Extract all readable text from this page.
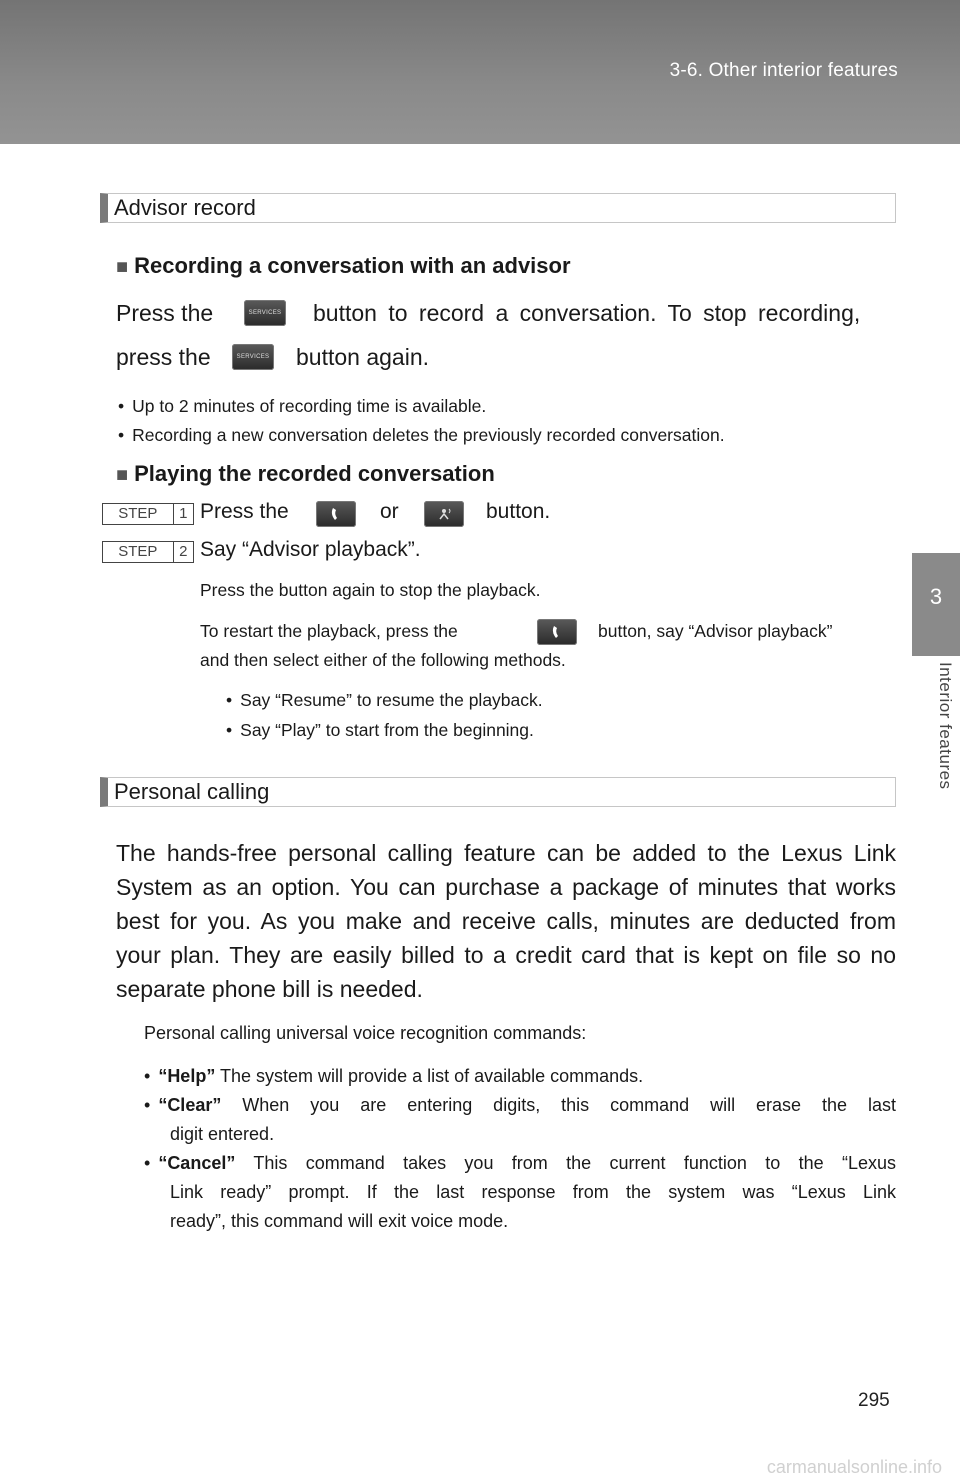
3-6. Other interior features
3
Interior features
Advisor record
■ Recording a conversation with an advisor
Press the	SERVICES button to record a conversation. To stop recording,
press the	SERVICES button again.
• Up to 2 minutes of recording time is available.
• Recording a new conversation deletes the previously recorded conversation.
■ Playing the recorded conversation
STEP	1 Press the	or	button.
STEP	2 Say “Advisor playback”.
Press the button again to stop the playback.
To restart the playback, press the	button, say “Advisor playback”
and then select either of the following methods.
• Say “Resume” to resume the playback.
• Say “Play” to start from the beginning.
Personal calling
The hands-free personal calling feature can be added to the Lexus Link
System as an option. You can purchase a package of minutes that works
best for you. As you make and receive calls, minutes are deducted from
your plan. They are easily billed to a credit card that is kept on file so no
separate phone bill is needed.
Personal calling universal voice recognition commands:
• “Help” The system will provide a list of available commands.
• “Clear” When you are entering digits, this command will erase the last
digit entered.
• “Cancel” This command takes you from the current function to the “Lexus
Link ready” prompt. If the last response from the system was “Lexus Link
ready”, this command will exit voice mode.
295
carmanualsonline.info
